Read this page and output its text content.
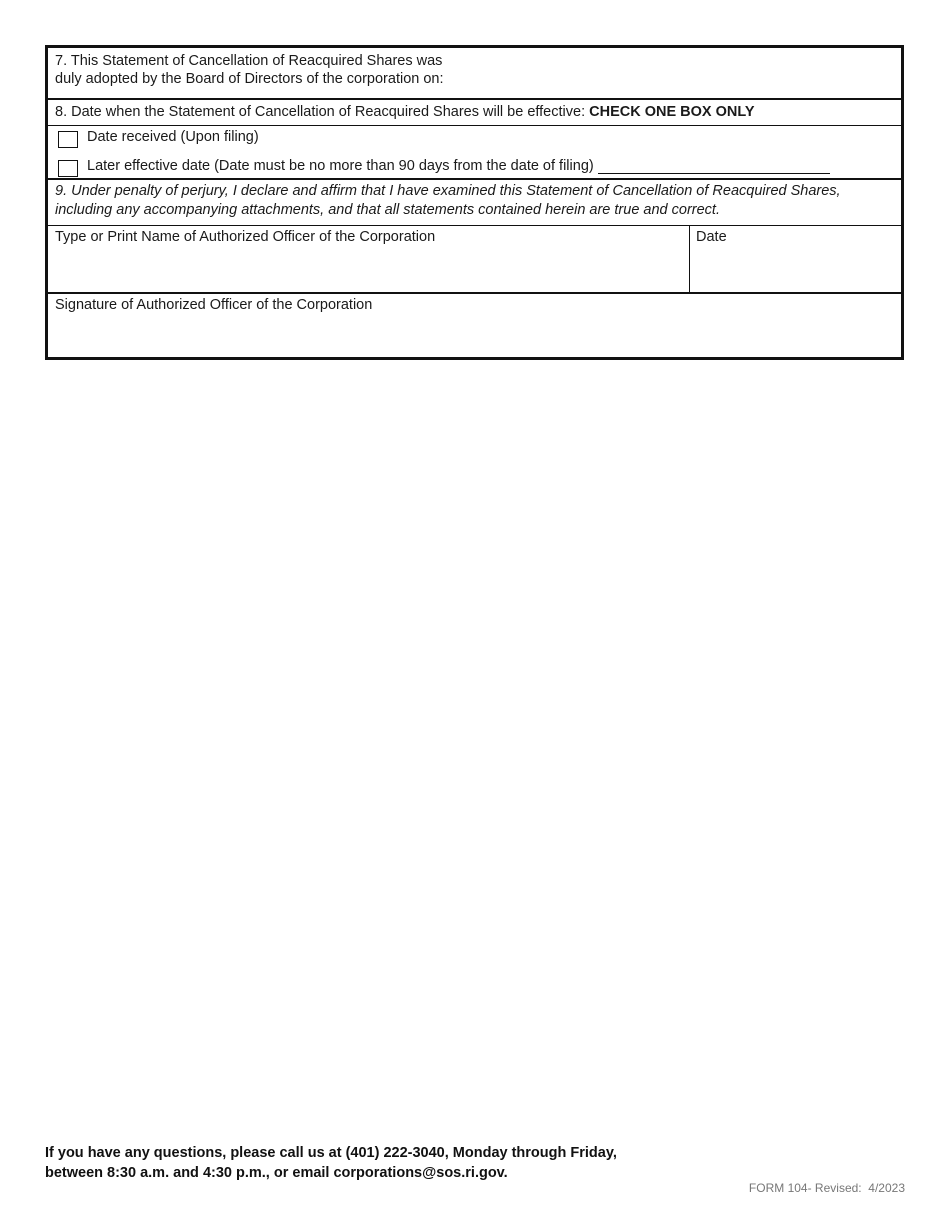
7. This Statement of Cancellation of Reacquired Shares was
duly adopted by the Board of Directors of the corporation on:
8. Date when the Statement of Cancellation of Reacquired Shares will be effective: CHECK ONE BOX ONLY
Date received (Upon filing)
Later effective date (Date must be no more than 90 days from the date of filing)
9. Under penalty of perjury, I declare and affirm that I have examined this Statement of Cancellation of Reacquired Shares,
including any accompanying attachments, and that all statements contained herein are true and correct.
Type or Print Name of Authorized Officer of the Corporation	Date
Signature of Authorized Officer of the Corporation
If you have any questions, please call us at (401) 222-3040, Monday through Friday,
between 8:30 a.m. and 4:30 p.m., or email corporations@sos.ri.gov.
FORM 104- Revised:  4/2023
